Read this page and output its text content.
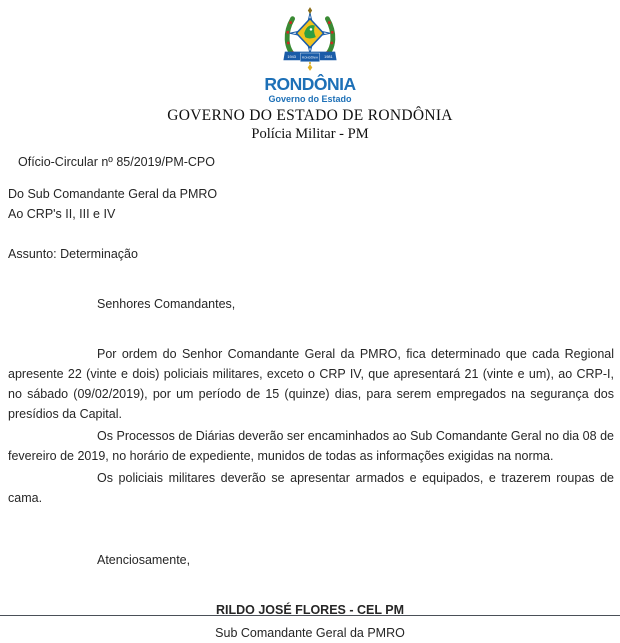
1943	1981
RONDÔNIA
RONDÔNIA
Governo do Estado
GOVERNO DO ESTADO DE RONDÔNIA
Polícia Militar - PM

Ofício-Circular nº 85/2019/PM-CPO

Do Sub Comandante Geral da PMRO

Ao CRP's II, III e IV

Assunto: Determinação

Senhores Comandantes,

Por ordem do Senhor Comandante Geral da PMRO, fica determinado que cada Regional apresente 22 (vinte e dois) policiais militares, exceto o CRP IV, que apresentará 21 (vinte e um), ao CRP-I, no sábado (09/02/2019), por um período de 15 (quinze) dias, para serem empregados na segurança dos presídios da Capital.

Os Processos de Diárias deverão ser encaminhados ao Sub Comandante Geral no dia 08 de fevereiro de 2019, no horário de expediente, munidos de todas as informações exigidas na norma.

Os policiais militares deverão se apresentar armados e equipados, e trazerem roupas de cama.

Atenciosamente,

RILDO JOSÉ FLORES - CEL PM

Sub Comandante Geral da PMRO
